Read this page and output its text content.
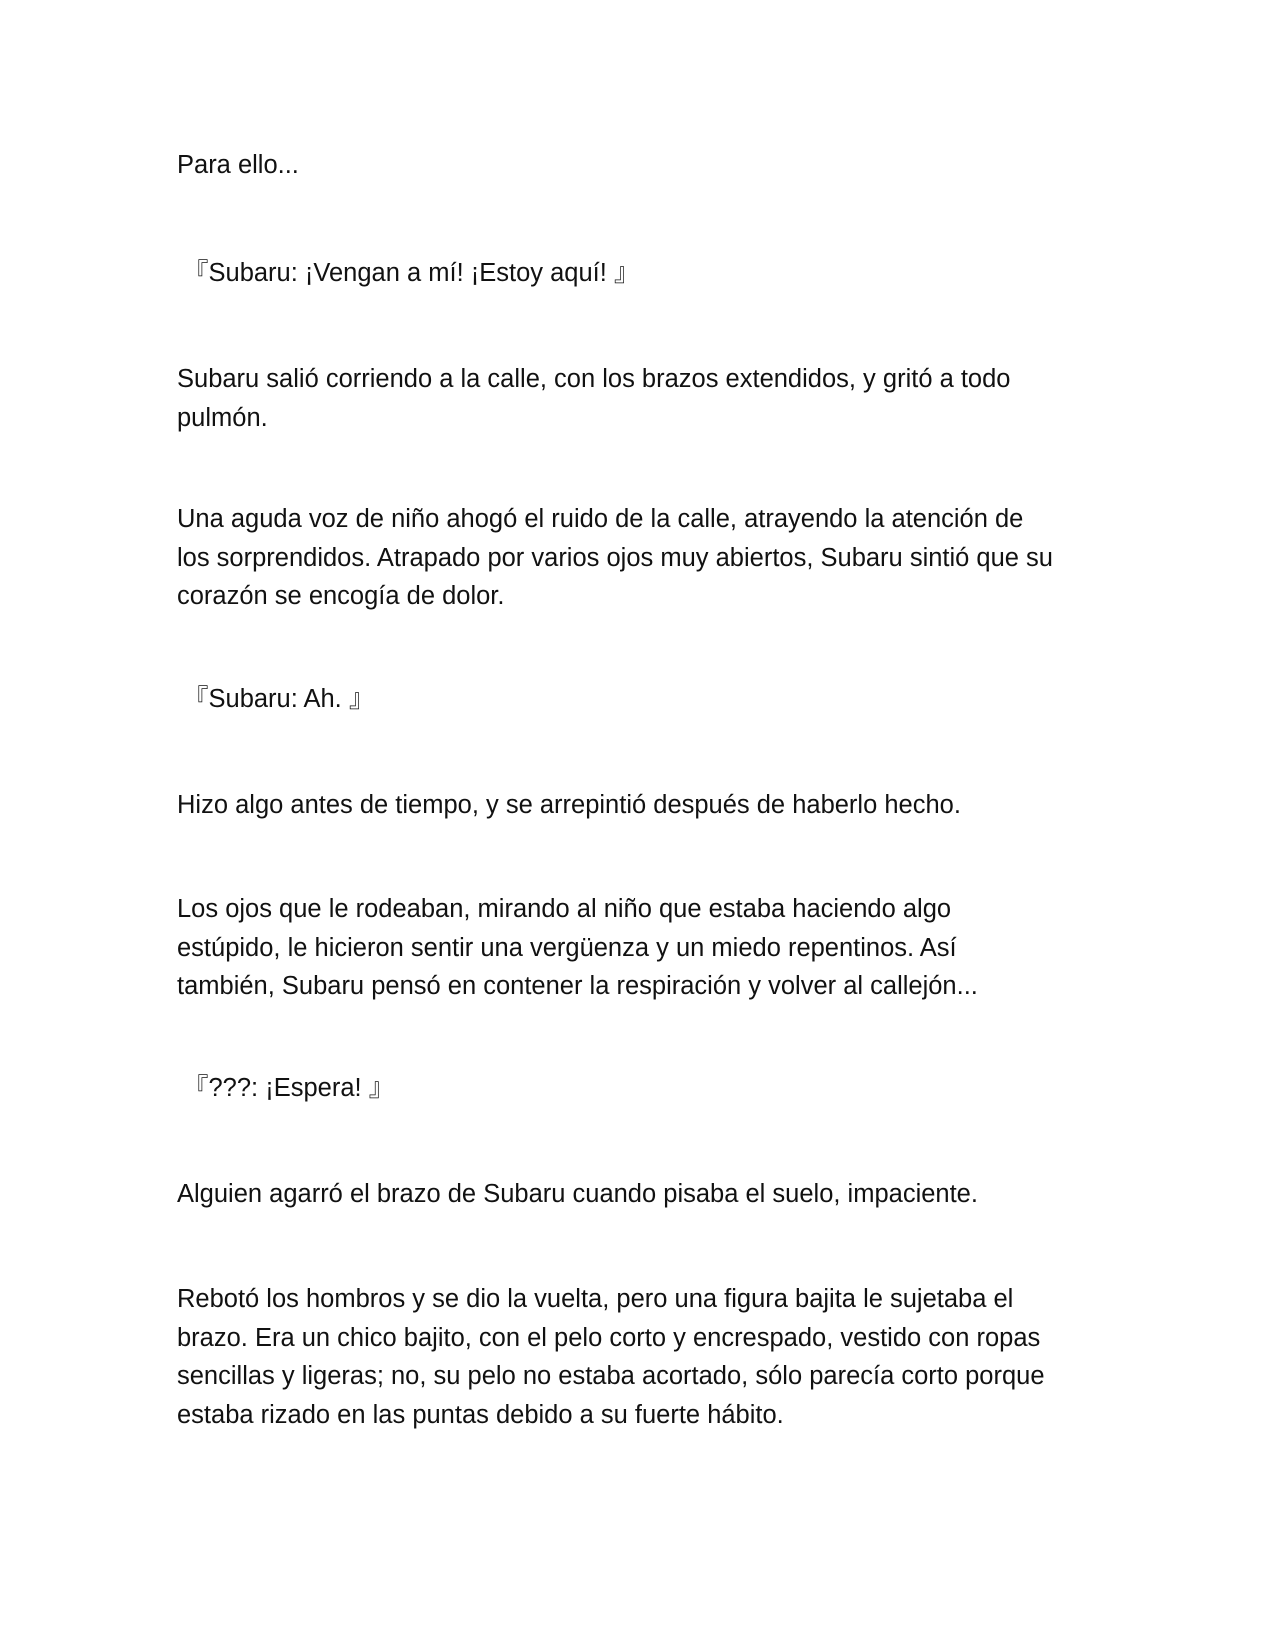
Para ello...

『Subaru: ¡Vengan a mí! ¡Estoy aquí! 』

Subaru salió corriendo a la calle, con los brazos extendidos, y gritó a todo
pulmón.

Una aguda voz de niño ahogó el ruido de la calle, atrayendo la atención de
los sorprendidos. Atrapado por varios ojos muy abiertos, Subaru sintió que su
corazón se encogía de dolor.

『Subaru: Ah. 』

Hizo algo antes de tiempo, y se arrepintió después de haberlo hecho.

Los ojos que le rodeaban, mirando al niño que estaba haciendo algo
estúpido, le hicieron sentir una vergüenza y un miedo repentinos. Así
también, Subaru pensó en contener la respiración y volver al callejón...

『???: ¡Espera! 』

Alguien agarró el brazo de Subaru cuando pisaba el suelo, impaciente.

Rebotó los hombros y se dio la vuelta, pero una figura bajita le sujetaba el
brazo. Era un chico bajito, con el pelo corto y encrespado, vestido con ropas
sencillas y ligeras; no, su pelo no estaba acortado, sólo parecía corto porque
estaba rizado en las puntas debido a su fuerte hábito.
